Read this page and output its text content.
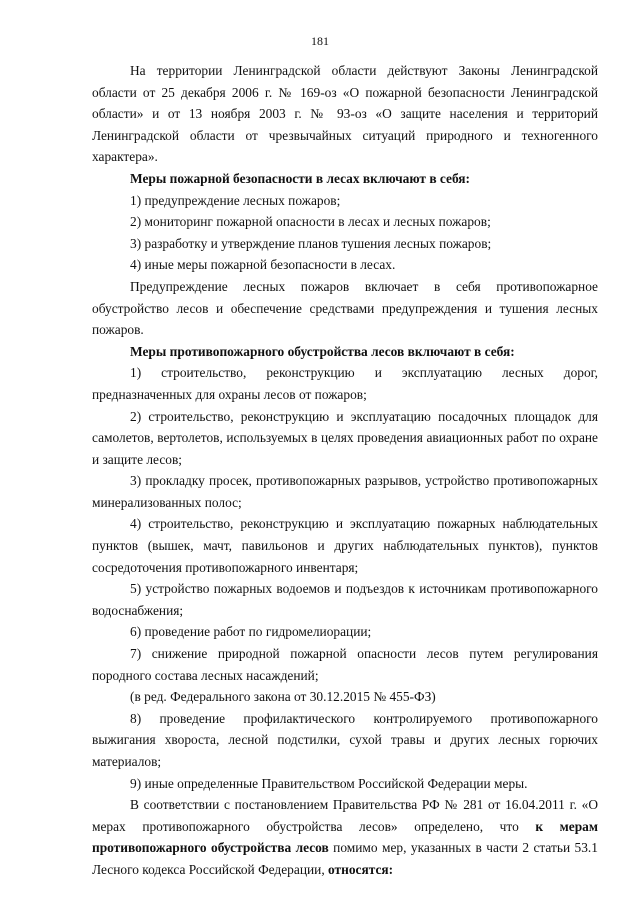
181

На территории Ленинградской области действуют Законы Ленинградской области от 25 декабря 2006 г. № 169-оз «О пожарной безопасности Ленинградской области» и от 13 ноября 2003 г. № 93-оз «О защите населения и территорий Ленинградской области от чрезвычайных ситуаций природного и техногенного характера».

Меры пожарной безопасности в лесах включают в себя:

1) предупреждение лесных пожаров;

2) мониторинг пожарной опасности в лесах и лесных пожаров;

3) разработку и утверждение планов тушения лесных пожаров;

4) иные меры пожарной безопасности в лесах.

Предупреждение лесных пожаров включает в себя противопожарное обустройство лесов и обеспечение средствами предупреждения и тушения лесных пожаров.

Меры противопожарного обустройства лесов включают в себя:

1) строительство, реконструкцию и эксплуатацию лесных дорог, предназначенных для охраны лесов от пожаров;

2) строительство, реконструкцию и эксплуатацию посадочных площадок для самолетов, вертолетов, используемых в целях проведения авиационных работ по охране и защите лесов;

3) прокладку просек, противопожарных разрывов, устройство противопожарных минерализованных полос;

4) строительство, реконструкцию и эксплуатацию пожарных наблюдательных пунктов (вышек, мачт, павильонов и других наблюдательных пунктов), пунктов сосредоточения противопожарного инвентаря;

5) устройство пожарных водоемов и подъездов к источникам противопожарного водоснабжения;

6) проведение работ по гидромелиорации;

7) снижение природной пожарной опасности лесов путем регулирования породного состава лесных насаждений;

(в ред. Федерального закона от 30.12.2015 № 455-ФЗ)

8) проведение профилактического контролируемого противопожарного выжигания хвороста, лесной подстилки, сухой травы и других лесных горючих материалов;

9) иные определенные Правительством Российской Федерации меры.

В соответствии с постановлением Правительства РФ № 281 от 16.04.2011 г. «О мерах противопожарного обустройства лесов» определено, что к мерам противопожарного обустройства лесов помимо мер, указанных в части 2 статьи 53.1 Лесного кодекса Российской Федерации, относятся:
